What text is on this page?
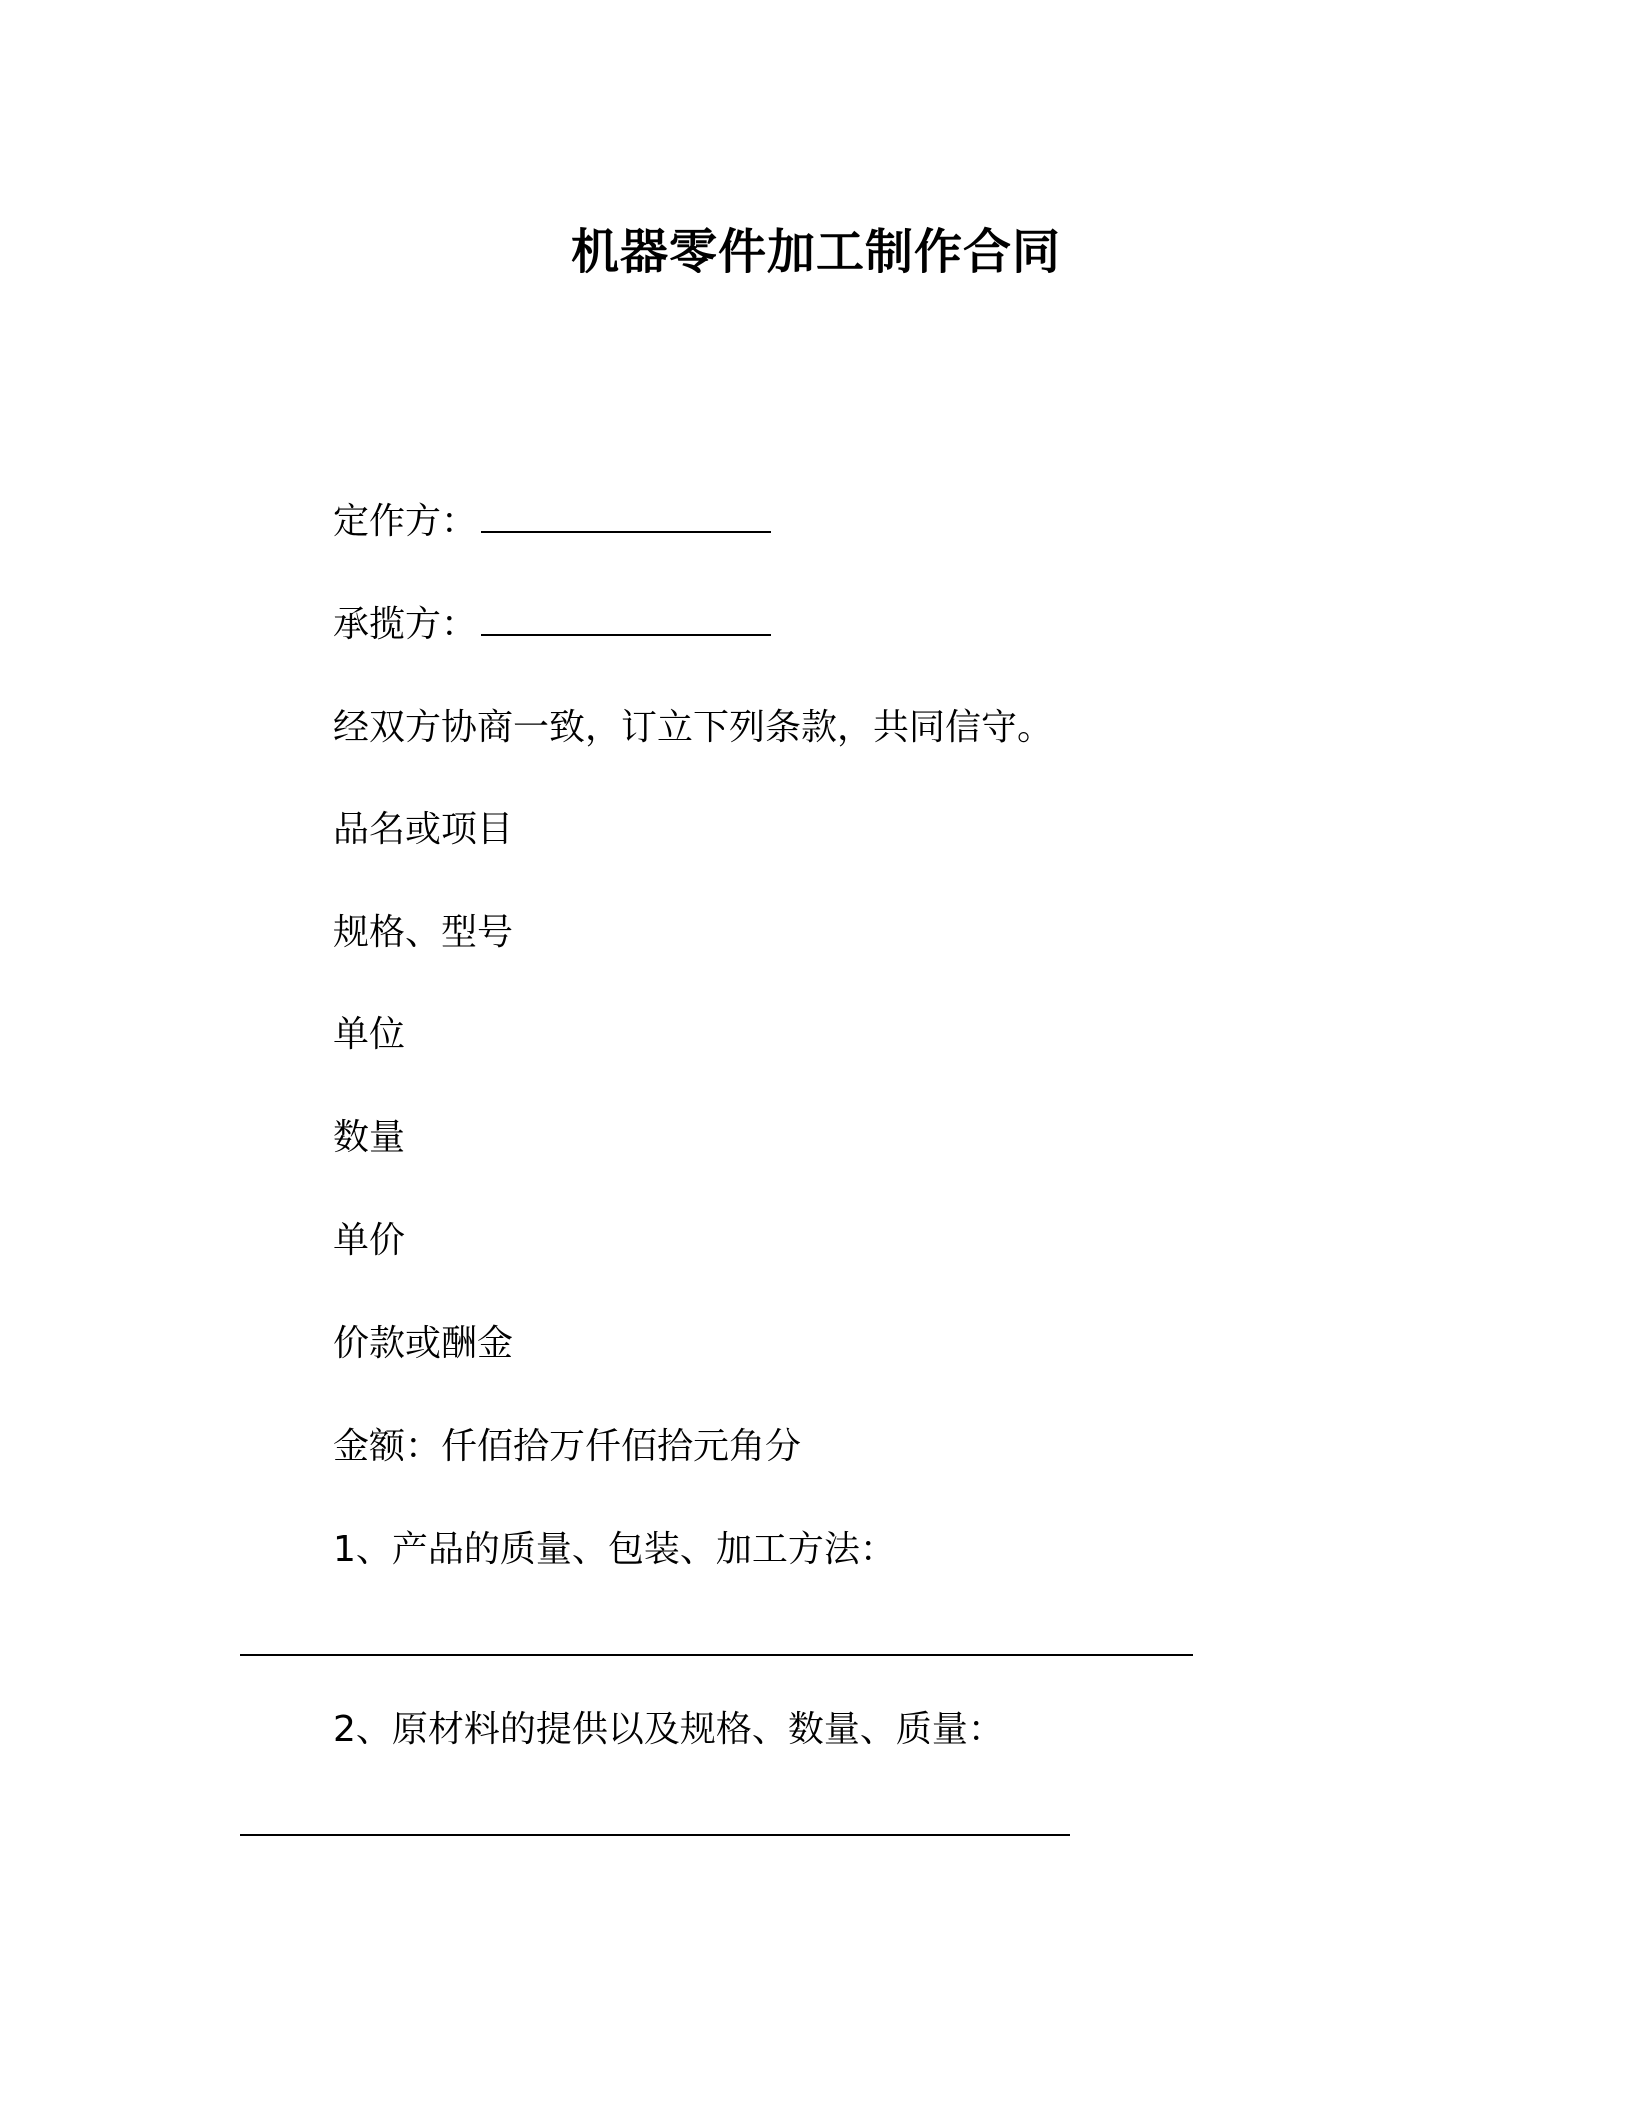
机器零件加工制作合同
定作方：
承揽方：
经双方协商一致，订立下列条款，共同信守。
品名或项目
规格、型号
单位
数量
单价
价款或酬金
金额：仟佰拾万仟佰拾元角分
1、产品的质量、包装、加工方法：
2、原材料的提供以及规格、数量、质量：
